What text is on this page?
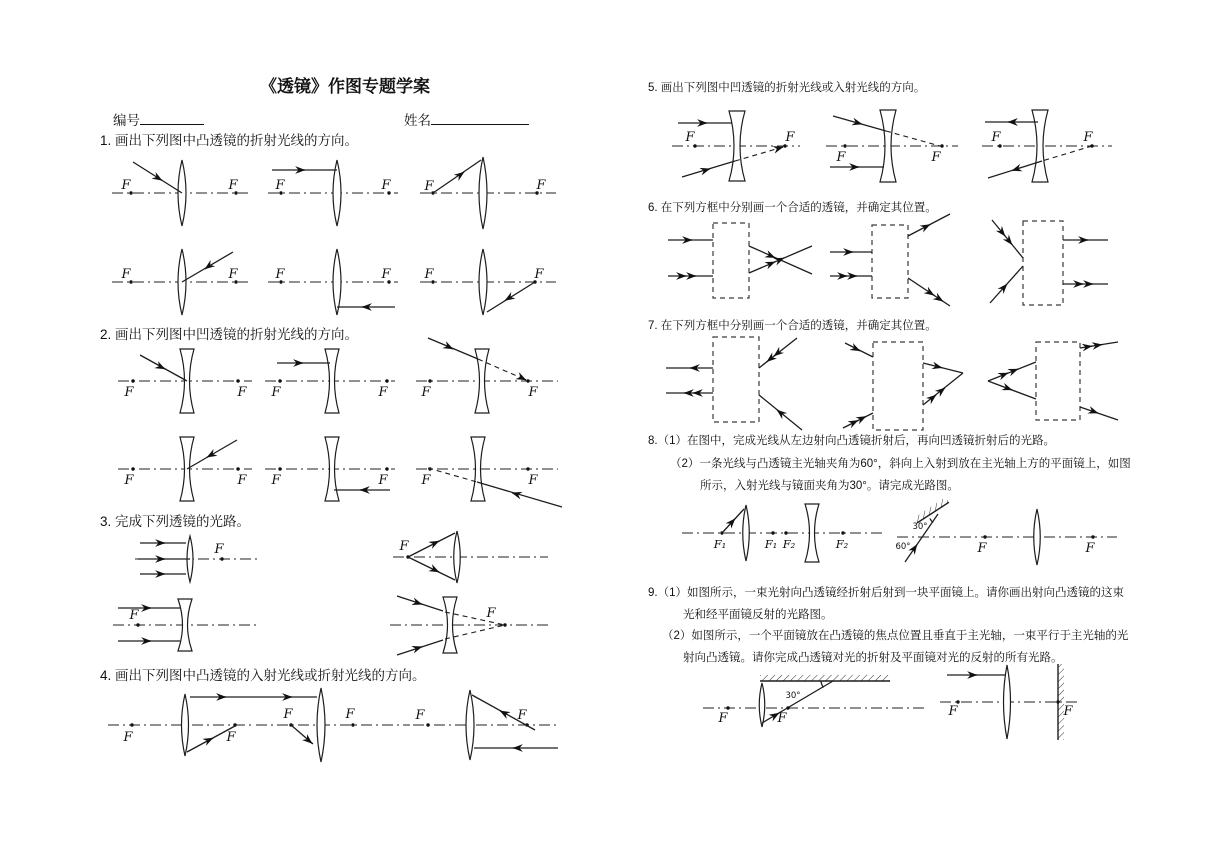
《透镜》作图专题学案
编号	姓名
1. 画出下列图中凸透镜的折射光线的方向。
2. 画出下列图中凹透镜的折射光线的方向。
3. 完成下列透镜的光路。
4. 画出下列图中凸透镜的入射光线或折射光线的方向。
5. 画出下列图中凹透镜的折射光线或入射光线的方向。
6. 在下列方框中分别画一个合适的透镜，并确定其位置。
7. 在下列方框中分别画一个合适的透镜，并确定其位置。
8.（1）在图中，完成光线从左边射向凸透镜折射后，再向凹透镜折射后的光路。
（2）一条光线与凸透镜主光轴夹角为60°，斜向上入射到放在主光轴上方的平面镜上，如图
所示，入射光线与镜面夹角为30°。请完成光路图。
9.（1）如图所示，一束光射向凸透镜经折射后射到一块平面镜上。请你画出射向凸透镜的这束
光和经平面镜反射的光路图。
（2）如图所示，一个平面镜放在凸透镜的焦点位置且垂直于主光轴，一束平行于主光轴的光
射向凸透镜。请你完成凸透镜对光的折射及平面镜对光的反射的所有光路。
F	F	F	F	F	F
F	F	F	F	F	F
F	F F	F	F	F
F	F F	F	F	F
F	F
F	F
F	F
F	F	F	F
F	F
F	F
F	F
F₁	F₁ F₂	F₂	60°
30°
F	F
F	F
30°
F	F
